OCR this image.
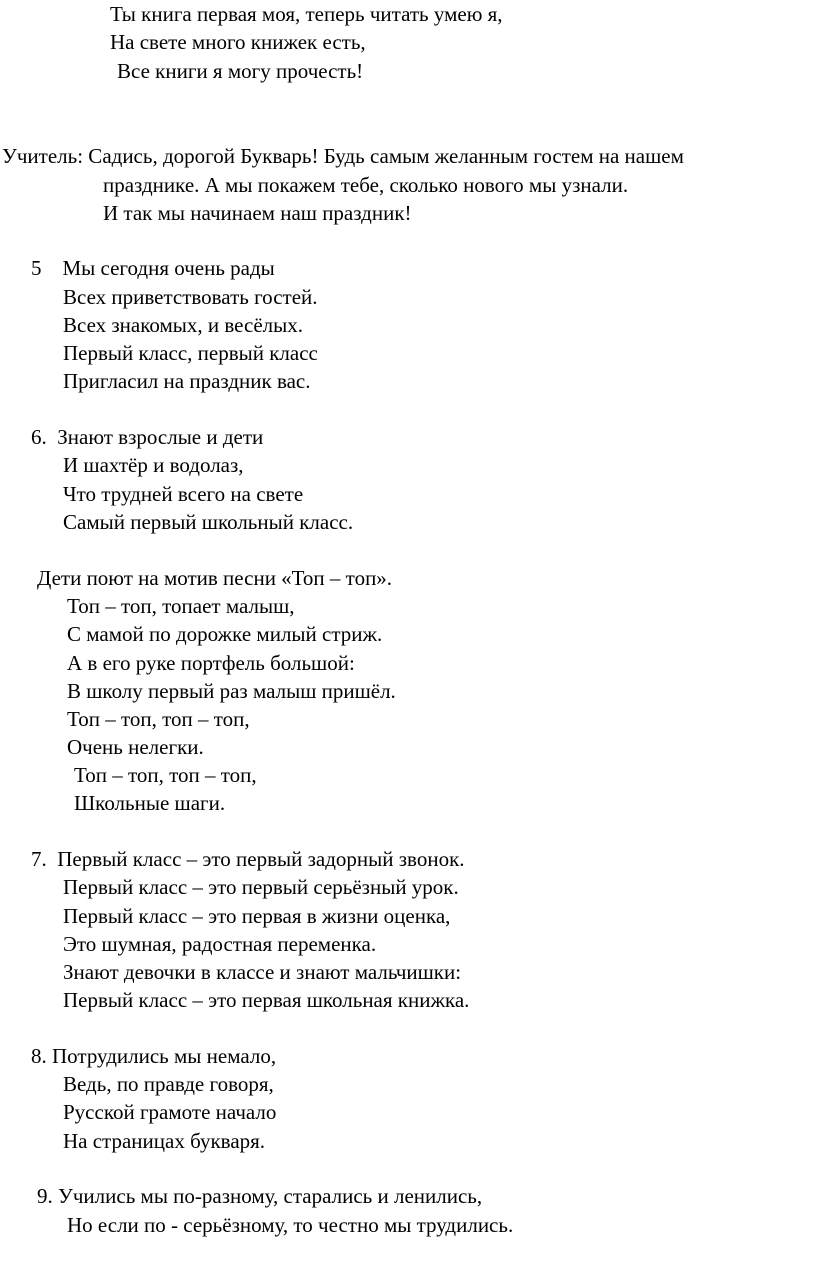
Ты книга первая моя, теперь читать умею я,

На свете много книжек есть,

Все книги я могу прочесть!

Учитель: Садись, дорогой Букварь! Будь самым желанным гостем на нашем

празднике. А мы покажем тебе, сколько нового мы узнали.

И так мы начинаем наш праздник!

5    Мы сегодня очень рады

Всех приветствовать гостей.

Всех знакомых, и весёлых.

Первый класс, первый класс

Пригласил на праздник вас.

6.  Знают взрослые и дети

И шахтёр и водолаз,

Что трудней всего на свете

Самый первый школьный класс.

Дети поют на мотив песни «Топ – топ».

Топ – топ, топает малыш,

С мамой по дорожке милый стриж.

А в его руке портфель большой:

В школу первый раз малыш пришёл.

Топ – топ, топ – топ,

Очень нелегки.

Топ – топ, топ – топ,

Школьные шаги.

7.  Первый класс – это первый задорный звонок.

Первый класс – это первый серьёзный урок.

Первый класс – это первая в жизни оценка,

Это шумная, радостная переменка.

Знают девочки в классе и знают мальчишки:

Первый класс – это первая школьная книжка.

8. Потрудились мы немало,

Ведь, по правде говоря,

Русской грамоте начало

На страницах букваря.

9. Учились мы по-разному, старались и ленились,

Но если по - серьёзному, то честно мы трудились.
